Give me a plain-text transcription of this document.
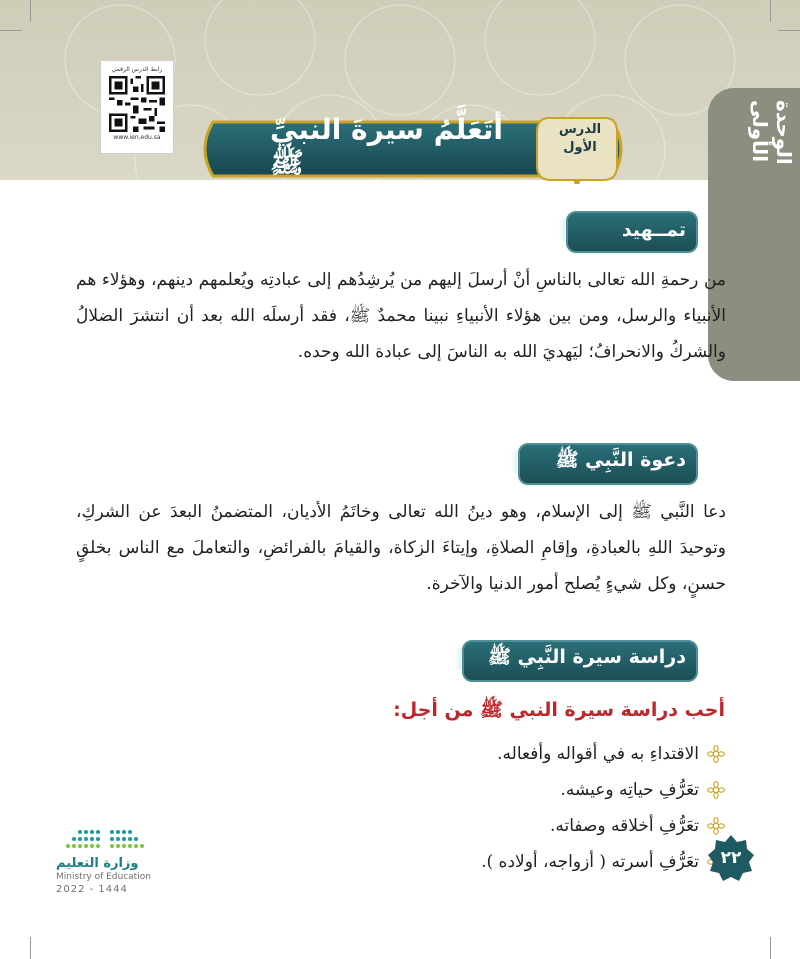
الوحدة الأولى
رابط الدرس الرقمي
www.ien.edu.sa
الدرس الأول
أتَعَلَّمُ سيرةَ النبيِّ ﷺ
تمــهيد
من رحمةِ الله تعالى بالناسِ أنْ أرسلَ إليهم من يُرشِدُهم إلى عبادتِه ويُعلمهم دينهم، وهؤلاء هم الأنبياء والرسل، ومن بين هؤلاء الأنبياءِ نبينا محمدٌ ﷺ، فقد أرسلَه الله بعد أن انتشرَ الضلالُ والشركُ والانحرافُ؛ ليَهديَ الله به الناسَ إلى عبادة الله وحده.
دعوة النَّبِي ﷺ
دعا النَّبي ﷺ إلى الإسلام، وهو دينُ الله تعالى وخاتَمُ الأديان، المتضمنُ البعدَ عن الشركِ، وتوحيدَ اللهِ بالعبادةِ، وإقامِ الصلاةِ، وإيتاءَ الزكاة، والقيامَ بالفرائضِ، والتعاملَ مع الناس بخلقٍ حسنٍ، وكل شيءٍ يُصلح أمور الدنيا والآخرة.
دراسة سيرة النَّبِي ﷺ
أحب دراسة سيرة النبي ﷺ من أجل:
الاقتداءِ به في أقواله وأفعاله.
تعَرُّفِ حياتِه وعيشه.
تعَرُّفِ أخلاقه وصفاته.
تعَرُّفِ أسرته ( أزواجه، أولاده ).	٢٢
وزارة التعليم
Ministry of Education
2022 - 1444
